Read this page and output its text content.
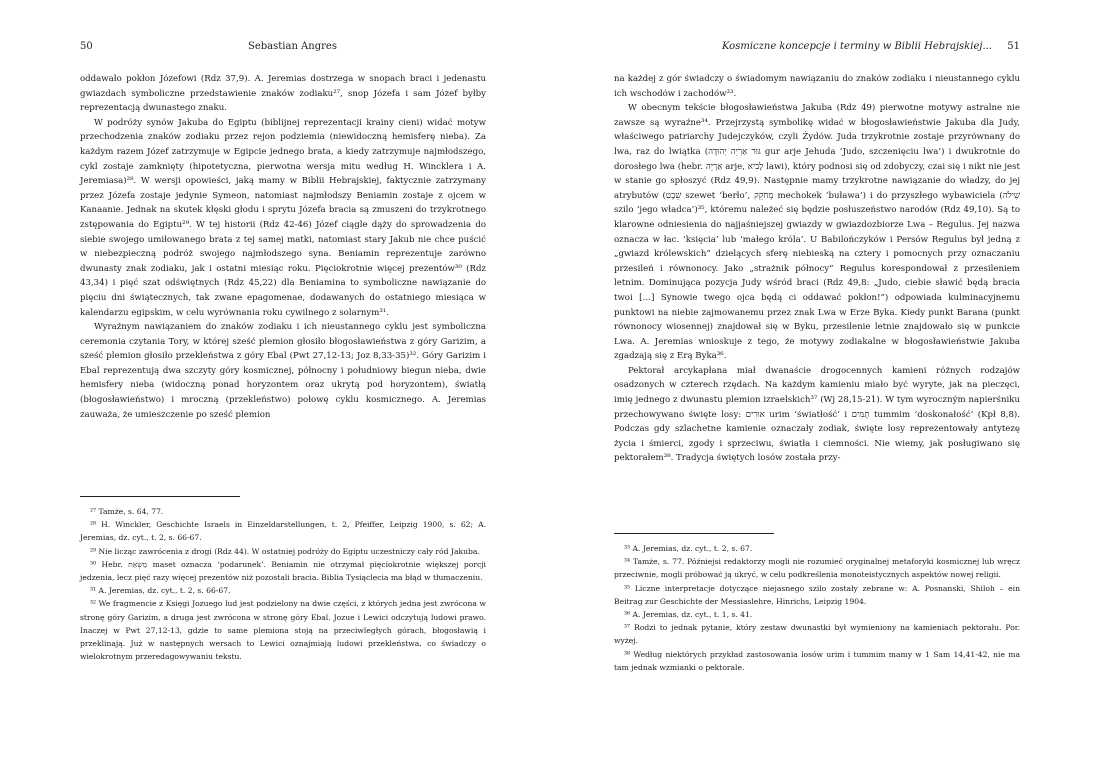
50	Sebastian Angres

oddawało pokłon Józefowi (Rdz 37,9). A. Jeremias dostrzega w snopach braci i jedenastu gwiazdach symboliczne przedstawienie znaków zodiaku²⁷, snop Józefa i sam Józef byłby reprezentacją dwunastego znaku.

W podróży synów Jakuba do Egiptu (biblijnej reprezentacji krainy cieni) widać motyw przechodzenia znaków zodiaku przez rejon podziemia (niewidoczną hemisferę nieba). Za każdym razem Józef zatrzymuje w Egipcie jednego brata, a kiedy zatrzymuje najmłodszego, cykl zostaje zamknięty (hipotetyczna, pierwotna wersja mitu według H. Wincklera i A. Jeremiasa)²⁸. W wersji opowieści, jaką mamy w Biblii Hebrajskiej, faktycznie zatrzymany przez Józefa zostaje jedynie Symeon, natomiast najmłodszy Beniamin zostaje z ojcem w Kanaanie. Jednak na skutek kłęski głodu i sprytu Józefa bracia są zmuszeni do trzykrotnego zstępowania do Egiptu²⁹. W tej historii (Rdz 42-46) Józef ciągle dąży do sprowadzenia do siebie swojego umiłowanego brata z tej samej matki, natomiast stary Jakub nie chce puścić w niebezpieczną podróż swojego najmłodszego syna. Beniamin reprezentuje zarówno dwunasty znak zodiaku, jak i ostatni miesiąc roku. Pięciokrotnie więcej prezentów³⁰ (Rdz 43,34) i pięć szat odświętnych (Rdz 45,22) dla Beniamina to symboliczne nawiązanie do pięciu dni świątecznych, tak zwane epagomenae, dodawanych do ostatniego miesiąca w kalendarzu egipskim, w celu wyrównania roku cywilnego z solarnym³¹.

Wyraźnym nawiązaniem do znaków zodiaku i ich nieustannego cyklu jest symboliczna ceremonia czytania Tory, w której sześć plemion głosiło błogosławieństwa z góry Garizim, a sześć plemion głosiło przekleństwa z góry Ebal (Pwt 27,12-13; Joz 8,33-35)³². Góry Garizim i Ebal reprezentują dwa szczyty góry kosmicznej, północny i południowy biegun nieba, dwie hemisfery nieba (widoczną ponad horyzontem oraz ukrytą pod horyzontem), światłą (błogosławieństwo) i mroczną (przekleństwo) połowę cyklu kosmicznego. A. Jeremias zauważa, że umieszczenie po sześć plemion

²⁷ Tamże, s. 64, 77.

²⁸ H. Winckler, Geschichte Israels in Einzeldarstellungen, t. 2, Pfeiffer, Leipzig 1900, s. 62; A. Jeremias, dz. cyt., t. 2, s. 66-67.

²⁹ Nie licząc zawrócenia z drogi (Rdz 44). W ostatniej podróży do Egiptu uczestniczy cały ród Jakuba.

³⁰ Hebr. מַשְׂאֵת maset oznacza ‘podarunek’. Beniamin nie otrzymał pięciokrotnie większej porcji jedzenia, lecz pięć razy więcej prezentów niż pozostali bracia. Biblia Tysiąclecia ma błąd w tłumaczeniu.

³¹ A. Jeremias, dz. cyt., t. 2, s. 66-67.

³² We fragmencie z Księgi Jozuego lud jest podzielony na dwie części, z których jedna jest zwrócona w stronę góry Garizim, a druga jest zwrócona w stronę góry Ebal. Jozue i Lewici odczytują ludowi prawo. Inaczej w Pwt 27,12-13, gdzie to same plemiona stoją na przeciwległych górach, błogosławią i przeklinają. Już w następnych wersach to Lewici oznajmiają ludowi przekleństwa, co świadczy o wielokrotnym przeredagowywaniu tekstu.

Kosmiczne koncepcje i terminy w Biblii Hebrajskiej... 51

na każdej z gór świadczy o świadomym nawiązaniu do znaków zodiaku i nieustannego cyklu ich wschodów i zachodów³³.

W obecnym tekście błogosławieństwa Jakuba (Rdz 49) pierwotne motywy astralne nie zawsze są wyraźne³⁴. Przejrzystą symbolikę widać w błogosławieństwie Jakuba dla Judy, właściwego patriarchy Judejczyków, czyli Żydów. Juda trzykrotnie zostaje przyrównany do lwa, raz do lwiątka (גּוּר אַרְיֵה יְהוּדָה gur arje Jehuda ‘Judo, szczenięciu lwa’) i dwukrotnie do dorosłego lwa (hebr. אַרְיֵה arje, לָבִיא lawi), który podnosi się od zdobyczy, czai się i nikt nie jest w stanie go spłoszyć (Rdz 49,9). Następnie mamy trzykrotne nawiązanie do władzy, do jej atrybutów (שֵׁבֶט szewet ‘berło’, מְחֹקֵק mechokek ‘buława’) i do przyszłego wybawiciela (שִׁילֹה szilo ‘jego władca’)³⁵, któremu należeć się będzie posłuszeństwo narodów (Rdz 49,10). Są to klarowne odniesienia do najjaśniejszej gwiazdy w gwiazdozbiorze Lwa – Regulus. Jej nazwa oznacza w łac. ‘księcia’ lub ‘małego króla’. U Babilończyków i Persów Regulus był jedną z „gwiazd królewskich” dzielących sferę niebieską na cztery i pomocnych przy oznaczaniu przesileń i równonocy. Jako „strażnik północy” Regulus korespondował z przesileniem letnim. Dominująca pozycja Judy wśród braci (Rdz 49,8: „Judo, ciebie sławić będą bracia twoi […] Synowie twego ojca będą ci oddawać pokłon!”) odpowiada kulminacyjnemu punktowi na niebie zajmowanemu przez znak Lwa w Erze Byka. Kiedy punkt Barana (punkt równonocy wiosennej) znajdował się w Byku, przesilenie letnie znajdowało się w punkcie Lwa. A. Jeremias wnioskuje z tego, że motywy zodiakalne w błogosławieństwie Jakuba zgadzają się z Erą Byka³⁶.

Pektorał arcykapłana miał dwanaście drogocennych kamieni różnych rodzajów osadzonych w czterech rzędach. Na każdym kamieniu miało być wyryte, jak na pieczęci, imię jednego z dwunastu plemion izraelskich³⁷ (Wj 28,15-21). W tym wyroczným napierśniku przechowywano święte losy: אוּרִים urim ‘światłość’ i תֻּמִּים tummim ‘doskonałość’ (Kpł 8,8). Podczas gdy szlachetne kamienie oznaczały zodiak, święte losy reprezentowały antytezę życia i śmierci, zgody i sprzeciwu, światła i ciemności. Nie wiemy, jak posługiwano się pektorałem³⁸. Tradycja świętych losów została przy-

³³ A. Jeremias, dz. cyt., t. 2, s. 67.

³⁴ Tamże, s. 77. Późniejsi redaktorzy mogli nie rozumieć oryginalnej metaforyki kosmicznej lub wręcz przeciwnie, mogli próbować ją ukryć, w celu podkreślenia monoteistycznych aspektów nowej religii.

³⁵ Liczne interpretacje dotyczące niejasnego szilo zostały zebrane w: A. Posnanski, Shiloh – ein Beitrag zur Geschichte der Messiaslehre, Hinrichs, Leipzig 1904.

³⁶ A. Jeremias, dz. cyt., t. 1, s. 41.

³⁷ Rodzi to jednak pytanie, który zestaw dwunastki był wymieniony na kamieniach pektorału. Por. wyżej.

³⁸ Według niektórych przykład zastosowania losów urim i tummim mamy w 1 Sam 14,41-42, nie ma tam jednak wzmianki o pektorale.
